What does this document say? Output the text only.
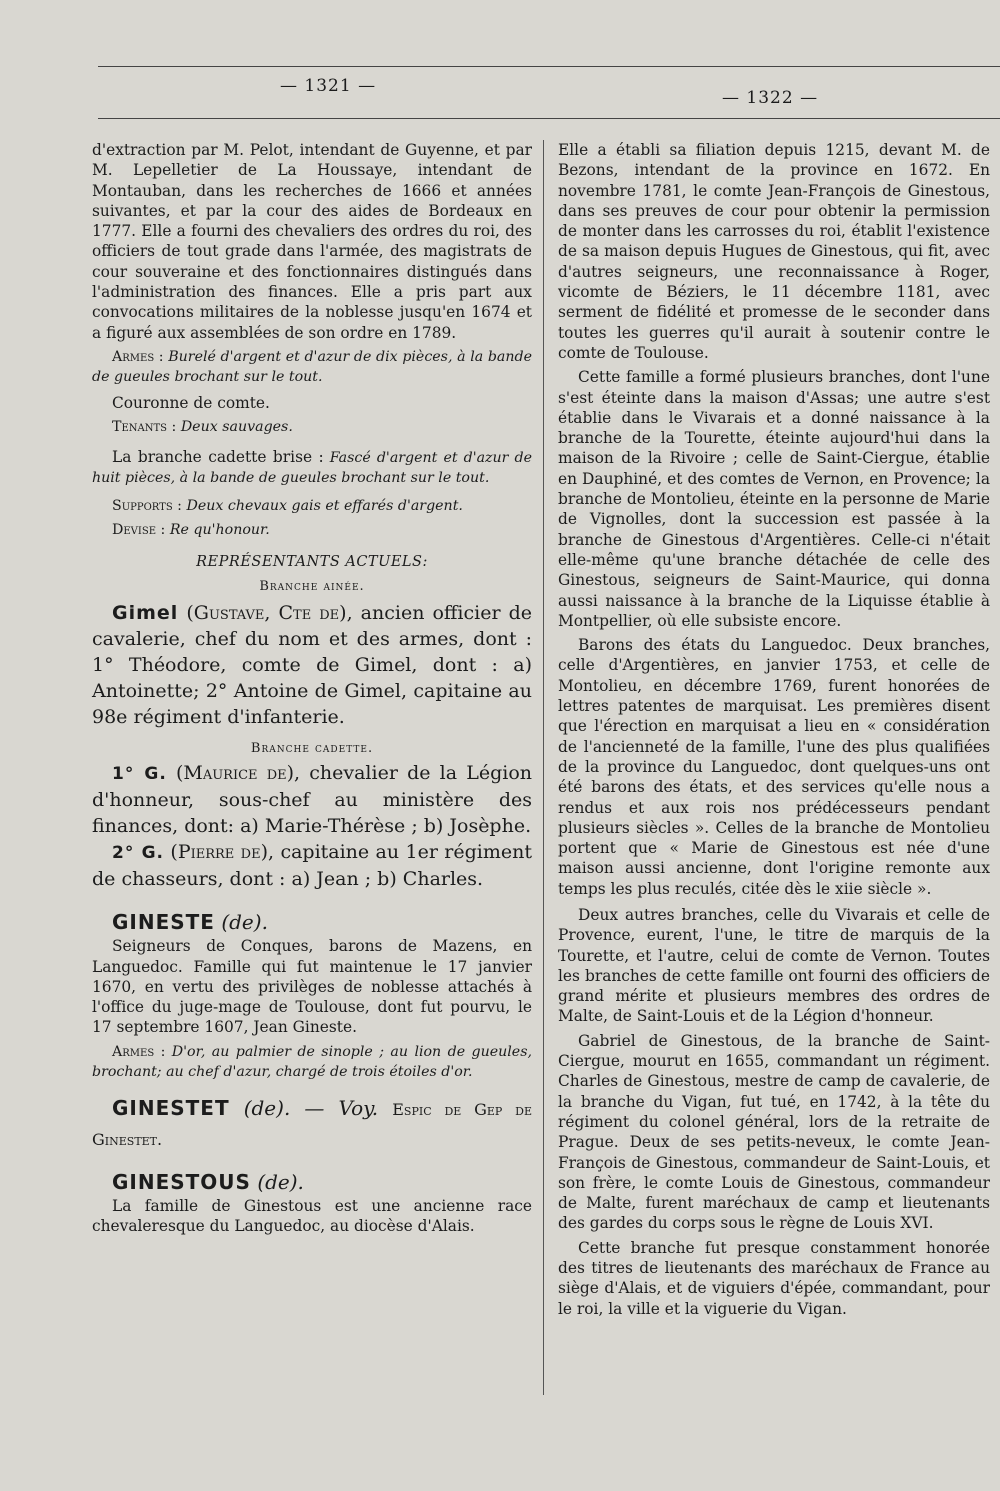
— 1321 —
— 1322 —

d'extraction par M. Pelot, intendant de Guyenne, et par M. Lepelletier de La Houssaye, intendant de Montauban, dans les recherches de 1666 et années suivantes, et par la cour des aides de Bordeaux en 1777. Elle a fourni des chevaliers des ordres du roi, des officiers de tout grade dans l'armée, des magistrats de cour souveraine et des fonctionnaires distingués dans l'administration des finances. Elle a pris part aux convocations militaires de la noblesse jusqu'en 1674 et a figuré aux assemblées de son ordre en 1789.

Armes : Burelé d'argent et d'azur de dix pièces, à la bande de gueules brochant sur le tout.

Couronne de comte.

Tenants : Deux sauvages.

La branche cadette brise : Fascé d'argent et d'azur de huit pièces, à la bande de gueules brochant sur le tout.

Supports : Deux chevaux gais et effarés d'argent.

Devise : Re qu'honour.

REPRÉSENTANTS ACTUELS:

Branche ainée.

Gimel (Gustave, Cte de), ancien officier de cavalerie, chef du nom et des armes, dont : 1° Théodore, comte de Gimel, dont : a) Antoinette; 2° Antoine de Gimel, capitaine au 98e régiment d'infanterie.

Branche cadette.

1° G. (Maurice de), chevalier de la Légion d'honneur, sous-chef au ministère des finances, dont: a) Marie-Thérèse ; b) Josèphe.

2° G. (Pierre de), capitaine au 1er régiment de chasseurs, dont : a) Jean ; b) Charles.

GINESTE (de).

Seigneurs de Conques, barons de Mazens, en Languedoc. Famille qui fut maintenue le 17 janvier 1670, en vertu des privilèges de noblesse attachés à l'office du juge-mage de Toulouse, dont fut pourvu, le 17 septembre 1607, Jean Gineste.

Armes : D'or, au palmier de sinople ; au lion de gueules, brochant; au chef d'azur, chargé de trois étoiles d'or.

GINESTET (de). — Voy. Espic de Gep de Ginestet.

GINESTOUS (de).

La famille de Ginestous est une ancienne race chevaleresque du Languedoc, au diocèse d'Alais.

Elle a établi sa filiation depuis 1215, devant M. de Bezons, intendant de la province en 1672. En novembre 1781, le comte Jean-François de Ginestous, dans ses preuves de cour pour obtenir la permission de monter dans les carrosses du roi, établit l'existence de sa maison depuis Hugues de Ginestous, qui fit, avec d'autres seigneurs, une reconnaissance à Roger, vicomte de Béziers, le 11 décembre 1181, avec serment de fidélité et promesse de le seconder dans toutes les guerres qu'il aurait à soutenir contre le comte de Toulouse.

Cette famille a formé plusieurs branches, dont l'une s'est éteinte dans la maison d'Assas; une autre s'est établie dans le Vivarais et a donné naissance à la branche de la Tourette, éteinte aujourd'hui dans la maison de la Rivoire ; celle de Saint-Ciergue, établie en Dauphiné, et des comtes de Vernon, en Provence; la branche de Montolieu, éteinte en la personne de Marie de Vignolles, dont la succession est passée à la branche de Ginestous d'Argentières. Celle-ci n'était elle-même qu'une branche détachée de celle des Ginestous, seigneurs de Saint-Maurice, qui donna aussi naissance à la branche de la Liquisse établie à Montpellier, où elle subsiste encore.

Barons des états du Languedoc. Deux branches, celle d'Argentières, en janvier 1753, et celle de Montolieu, en décembre 1769, furent honorées de lettres patentes de marquisat. Les premières disent que l'érection en marquisat a lieu en « considération de l'ancienneté de la famille, l'une des plus qualifiées de la province du Languedoc, dont quelques-uns ont été barons des états, et des services qu'elle nous a rendus et aux rois nos prédécesseurs pendant plusieurs siècles ». Celles de la branche de Montolieu portent que « Marie de Ginestous est née d'une maison aussi ancienne, dont l'origine remonte aux temps les plus reculés, citée dès le xiie siècle ».

Deux autres branches, celle du Vivarais et celle de Provence, eurent, l'une, le titre de marquis de la Tourette, et l'autre, celui de comte de Vernon. Toutes les branches de cette famille ont fourni des officiers de grand mérite et plusieurs membres des ordres de Malte, de Saint-Louis et de la Légion d'honneur.

Gabriel de Ginestous, de la branche de Saint-Ciergue, mourut en 1655, commandant un régiment. Charles de Ginestous, mestre de camp de cavalerie, de la branche du Vigan, fut tué, en 1742, à la tête du régiment du colonel général, lors de la retraite de Prague. Deux de ses petits-neveux, le comte Jean-François de Ginestous, commandeur de Saint-Louis, et son frère, le comte Louis de Ginestous, commandeur de Malte, furent maréchaux de camp et lieutenants des gardes du corps sous le règne de Louis XVI.

Cette branche fut presque constamment honorée des titres de lieutenants des maréchaux de France au siège d'Alais, et de viguiers d'épée, commandant, pour le roi, la ville et la viguerie du Vigan.
